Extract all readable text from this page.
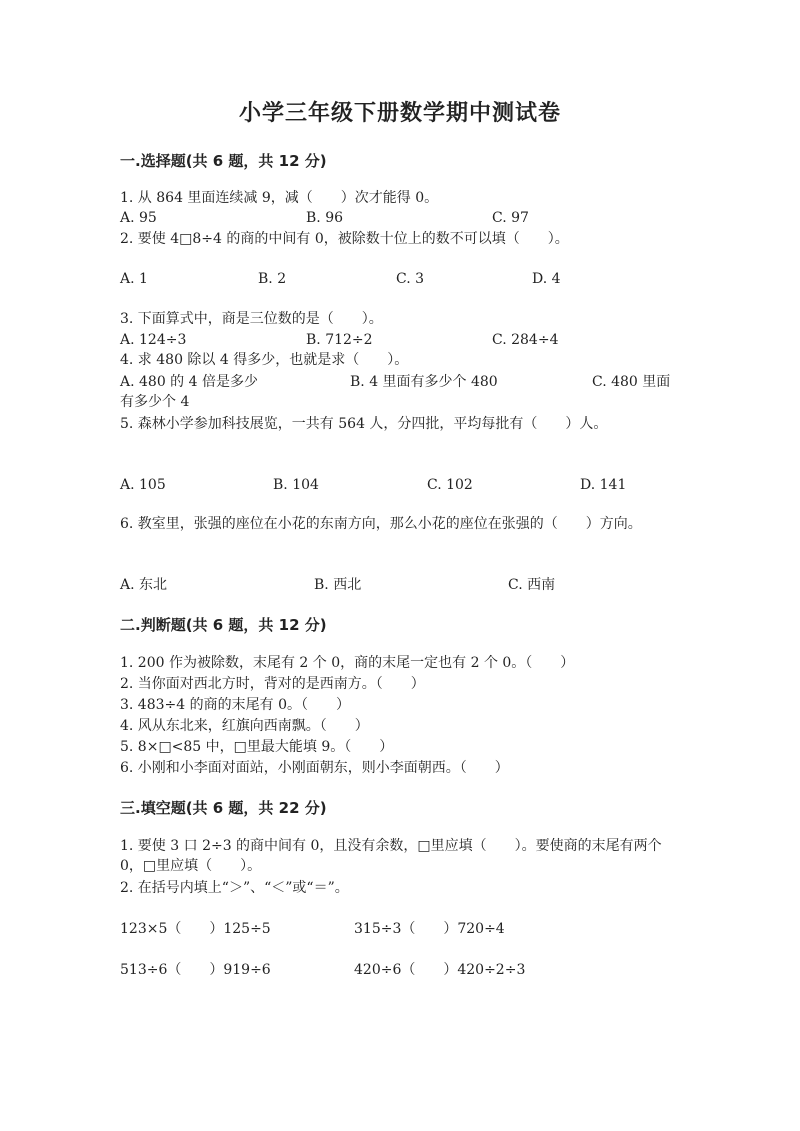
小学三年级下册数学期中测试卷
一.选择题(共 6 题，共 12 分)
1. 从 864 里面连续减 9，减（　　）次才能得 0。
A. 95	B. 96	C. 97
2. 要使 4□8÷4 的商的中间有 0，被除数十位上的数不可以填（　　）。
A. 1	B. 2	C. 3	D. 4
3. 下面算式中，商是三位数的是（　　）。
A. 124÷3	B. 712÷2	C. 284÷4
4. 求 480 除以 4 得多少，也就是求（　　）。
A. 480 的 4 倍是多少	B. 4 里面有多少个 480	C. 480 里面
有多少个 4
5. 森林小学参加科技展览，一共有 564 人，分四批，平均每批有（　　）人。
A. 105	B. 104	C. 102	D. 141
6. 教室里，张强的座位在小花的东南方向，那么小花的座位在张强的（　　）方向。
A. 东北	B. 西北	C. 西南
二.判断题(共 6 题，共 12 分)
1. 200 作为被除数，末尾有 2 个 0，商的末尾一定也有 2 个 0。（　　）
2. 当你面对西北方时，背对的是西南方。（　　）
3. 483÷4 的商的末尾有 0。（　　）
4. 风从东北来，红旗向西南飘。（　　）
5. 8×□<85 中，□里最大能填 9。（　　）
6. 小刚和小李面对面站，小刚面朝东，则小李面朝西。（　　）
三.填空题(共 6 题，共 22 分)
1. 要使 3 口 2÷3 的商中间有 0，且没有余数，□里应填（　　）。要使商的末尾有两个 0，□里应填（　　）。
2. 在括号内填上“＞”、“＜”或“＝”。
123×5（　　）125÷5	315÷3（　　）720÷4
513÷6（　　）919÷6	420÷6（　　）420÷2÷3
